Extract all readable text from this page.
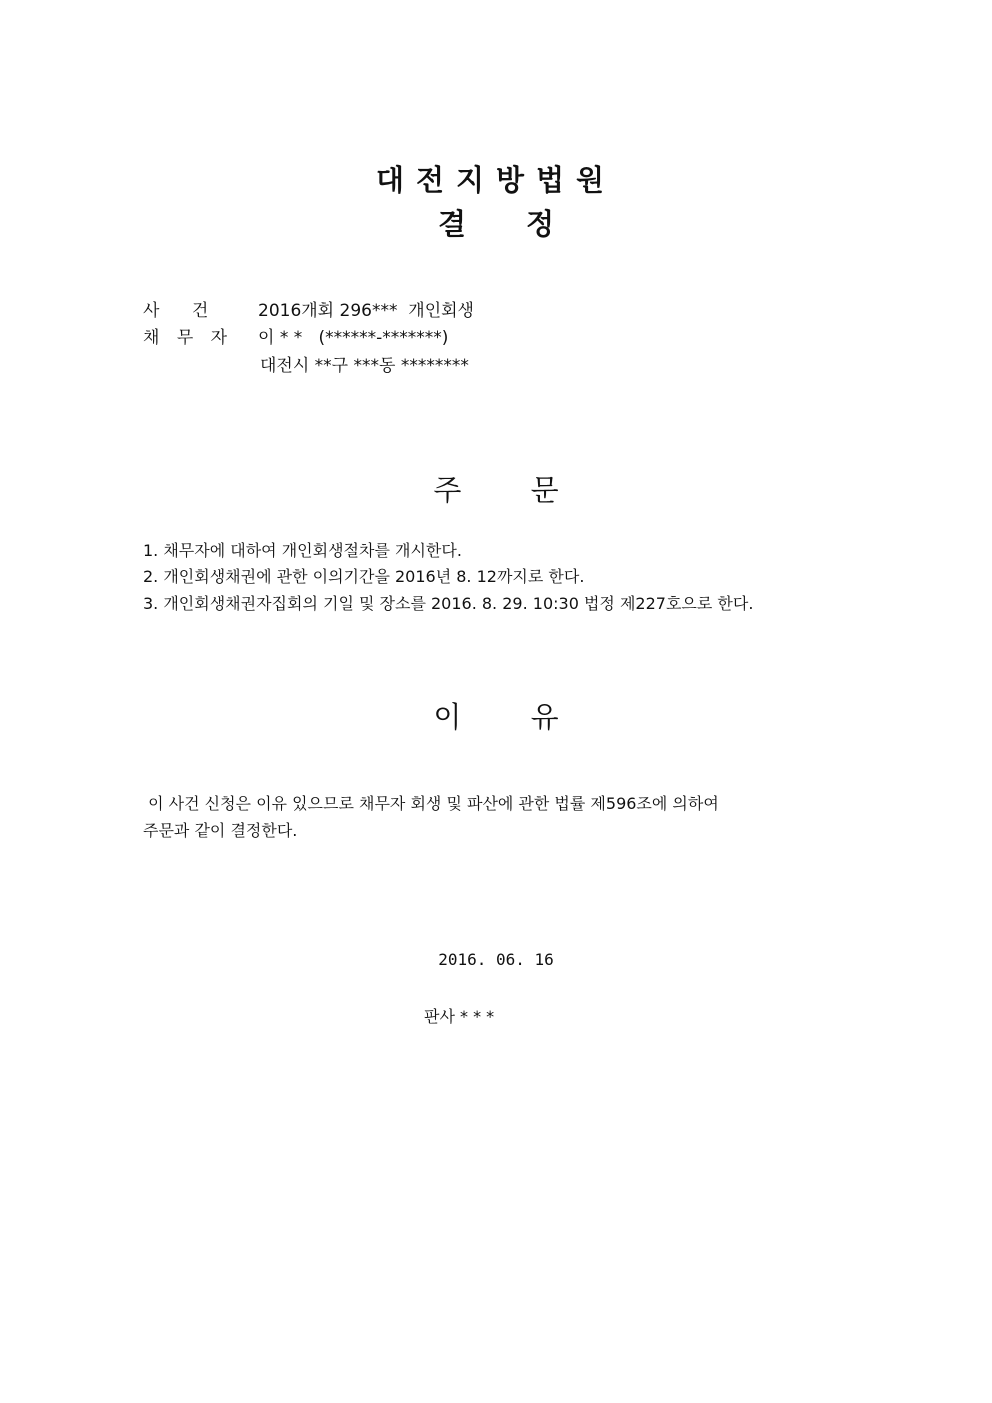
대전지방법원
결 정
사      건	2016개회 296***  개인회생
채 무 자 이 * *   (******-*******)
대전시 **구 ***동 ********
주 문
1. 채무자에 대하여 개인회생절차를 개시한다.
2. 개인회생채권에 관한 이의기간을 2016년 8. 12까지로 한다.
3. 개인회생채권자집회의 기일 및 장소를 2016. 8. 29. 10:30 법정 제227호으로 한다.
이 유
이 사건 신청은 이유 있으므로 채무자 회생 및 파산에 관한 법률 제596조에 의하여
주문과 같이 결정한다.
2016. 06. 16
판사 * * *
